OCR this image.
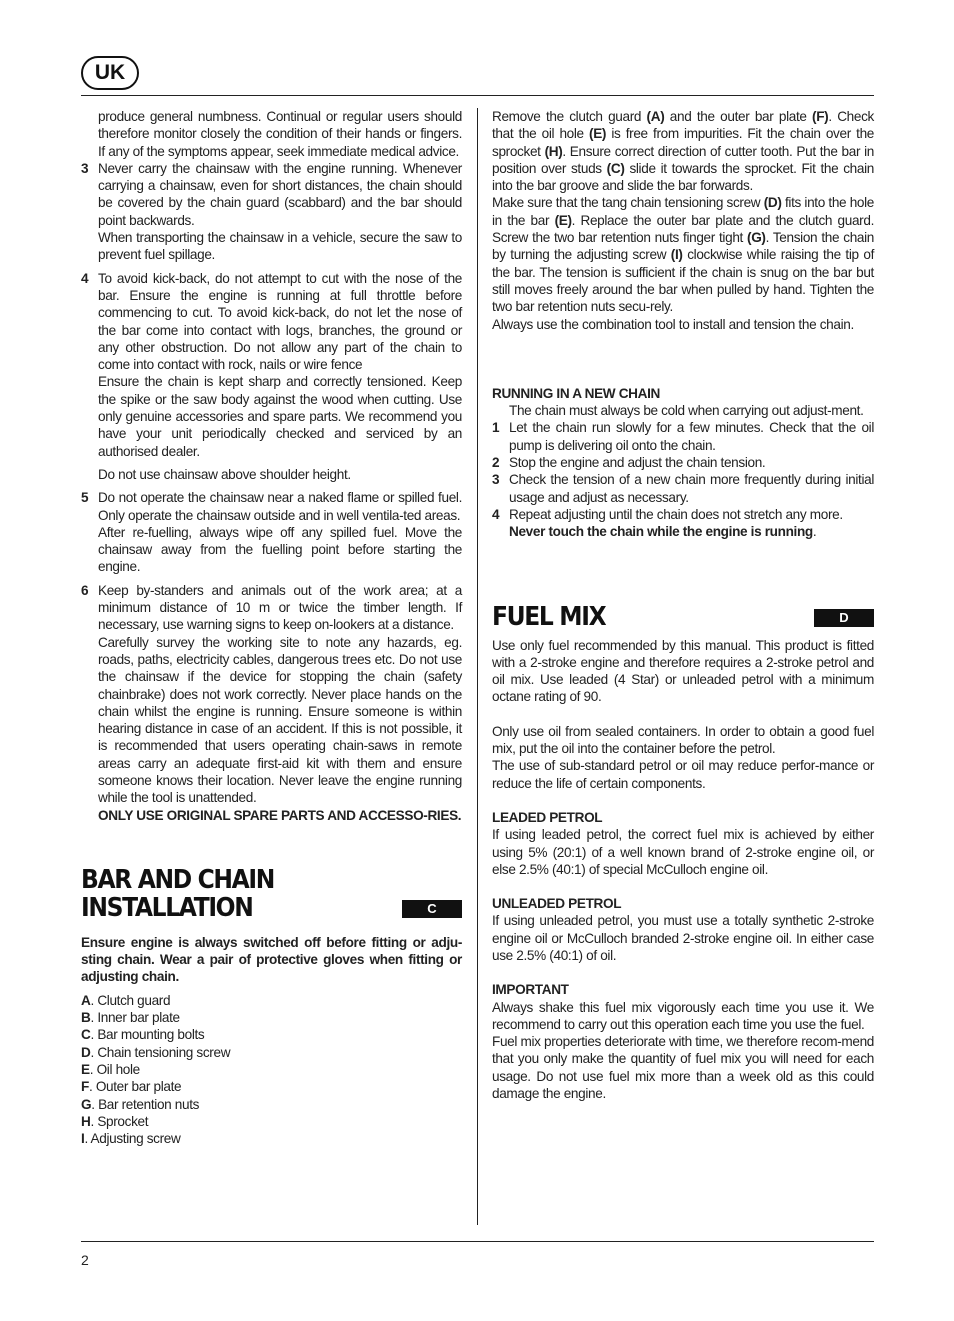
UK
2

produce general numbness. Continual or regular users should therefore monitor closely the condition of their hands or fingers. If any of the symptoms appear, seek immediate medical advice.

3 Never carry the chainsaw with the engine running. Whenever carrying a chainsaw, even for short distances, the chain should be covered by the chain guard (scabbard) and the bar should point backwards.

When transporting the chainsaw in a vehicle, secure the saw to prevent fuel spillage.

4 To avoid kick-back, do not attempt to cut with the nose of the bar. Ensure the engine is running at full throttle before commencing to cut. To avoid kick-back, do not let the nose of the bar come into contact with logs, branches, the ground or any other obstruction. Do not allow any part of the chain to come into contact with rock, nails or wire fence

Ensure the chain is kept sharp and correctly tensioned. Keep the spike or the saw body against the wood when cutting. Use only genuine accessories and spare parts. We recommend you have your unit periodically checked and serviced by an authorised dealer.

Do not use chainsaw above shoulder height.

5 Do not operate the chainsaw near a naked flame or spilled fuel. Only operate the chainsaw outside and in well ventila-ted areas.

After re-fuelling, always wipe off any spilled fuel. Move the chainsaw away from the fuelling point before starting the engine.

6 Keep by-standers and animals out of the work area; at a minimum distance of 10 m or twice the timber length. If necessary, use warning signs to keep on-lookers at a distance.

Carefully survey the working site to note any hazards, eg. roads, paths, electricity cables, dangerous trees etc. Do not use the chainsaw if the device for stopping the chain (safety chainbrake) does not work correctly. Never place hands on the chain whilst the engine is running. Ensure someone is within hearing distance in case of an accident. If this is not possible, it is recommended that users operating chain-saws in remote areas carry an adequate first-aid kit with them and ensure someone knows their location. Never leave the engine running while the tool is unattended.

ONLY USE ORIGINAL SPARE PARTS AND ACCESSO-RIES.

BAR AND CHAIN
INSTALLATION	C

Ensure engine is always switched off before fitting or adju-sting chain. Wear a pair of protective gloves when fitting or adjusting chain.

A. Clutch guard
B. Inner bar plate
C. Bar mounting bolts
D. Chain tensioning screw
E. Oil hole
F. Outer bar plate
G. Bar retention nuts
H. Sprocket
I. Adjusting screw

Remove the clutch guard (A) and the outer bar plate (F). Check that the oil hole (E) is free from impurities. Fit the chain over the sprocket (H). Ensure correct direction of cutter tooth. Put the bar in position over studs (C) slide it towards the sprocket. Fit the chain into the bar groove and slide the bar forwards.

Make sure that the tang chain tensioning screw (D) fits into the hole in the bar (E). Replace the outer bar plate and the clutch guard. Screw the two bar retention nuts finger tight (G). Tension the chain by turning the adjusting screw (I) clockwise while raising the tip of the bar. The tension is sufficient if the chain is snug on the bar but still moves freely around the bar when pulled by hand. Tighten the two bar retention nuts secu-rely.

Always use the combination tool to install and tension the chain.

RUNNING IN A NEW CHAIN

The chain must always be cold when carrying out adjust-ment.

1 Let the chain run slowly for a few minutes. Check that the oil pump is delivering oil onto the chain.
2 Stop the engine and adjust the chain tension.
3 Check the tension of a new chain more frequently during initial usage and adjust as necessary.
4 Repeat adjusting until the chain does not stretch any more.
Never touch the chain while the engine is running.
FUEL MIX	D

Use only fuel recommended by this manual. This product is fitted with a 2-stroke engine and therefore requires a 2-stroke petrol and oil mix. Use leaded (4 Star) or unleaded petrol with a minimum octane rating of 90.

Only use oil from sealed containers. In order to obtain a good fuel mix, put the oil into the container before the petrol.

The use of sub-standard petrol or oil may reduce perfor-mance or reduce the life of certain components.

LEADED PETROL

If using leaded petrol, the correct fuel mix is achieved by either using 5% (20:1) of a well known brand of 2-stroke engine oil, or else 2.5% (40:1) of special McCulloch engine oil.

UNLEADED PETROL

If using unleaded petrol, you must use a totally synthetic 2-stroke engine oil or McCulloch branded 2-stroke engine oil. In either case use 2.5% (40:1) of oil.

IMPORTANT

Always shake this fuel mix vigorously each time you use it. We recommend to carry out this operation each time you use the fuel.

Fuel mix properties deteriorate with time, we therefore recom-mend that you only make the quantity of fuel mix you will need for each usage. Do not use fuel mix more than a week old as this could damage the engine.
